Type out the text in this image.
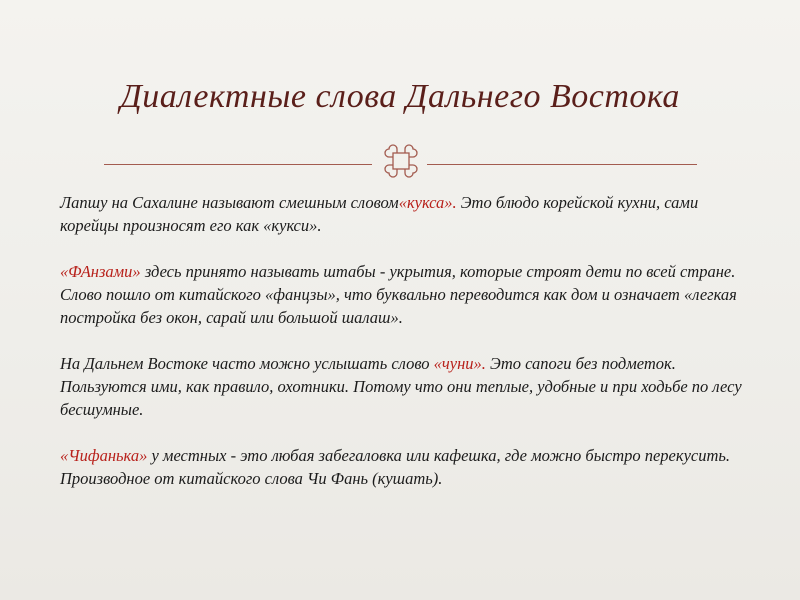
Диалектные слова Дальнего Востока

Лапшу на Сахалине называют смешным словом«кукса». Это блюдо корейской кухни, сами корейцы произносят его как «кукси».

«ФАнзами» здесь принято называть штабы - укрытия, которые строят дети по всей стране. Слово пошло от китайского «фанцзы», что буквально переводится как дом и означает «легкая постройка без окон, сарай или большой шалаш».

На Дальнем Востоке часто можно услышать слово «чуни». Это сапоги без подметок. Пользуются ими, как правило, охотники. Потому что они теплые, удобные и при ходьбе по лесу бесшумные.

«Чифанька» у местных - это любая забегаловка или кафешка, где можно быстро перекусить. Производное от китайского слова Чи Фань (кушать).
